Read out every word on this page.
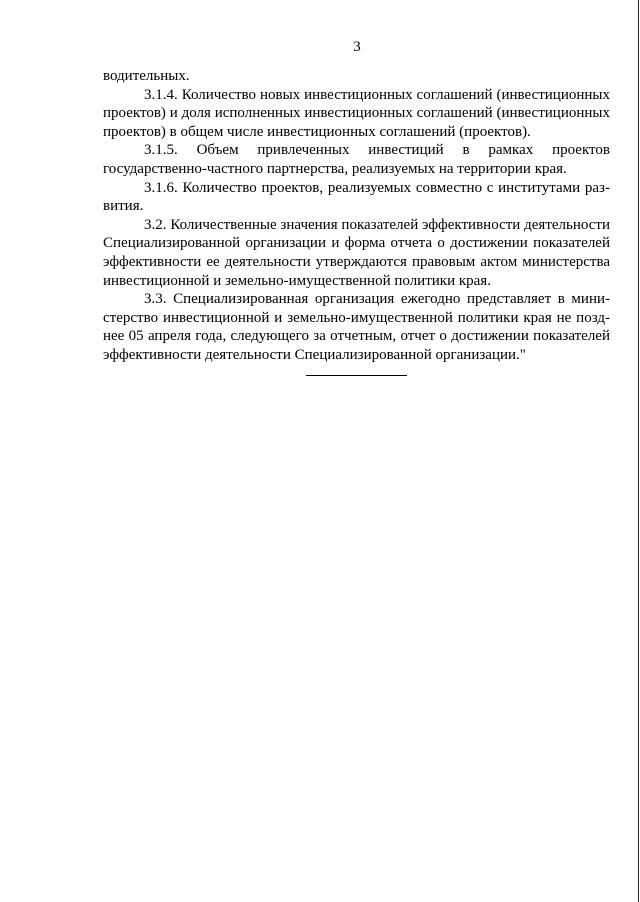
3

водительных.

3.1.4. Количество новых инвестиционных соглашений (инвестиционных проектов) и доля исполненных инвестиционных соглашений (инвестиционных проектов) в общем числе инвестиционных соглашений (проектов).

3.1.5. Объем привлеченных инвестиций в рамках проектов государственно-частного партнерства, реализуемых на территории края.

3.1.6. Количество проектов, реализуемых совместно с институтами развития.

3.2. Количественные значения показателей эффективности деятельности Специализированной организации и форма отчета о достижении показателей эффективности ее деятельности утверждаются правовым актом министерства инвестиционной и земельно-имущественной политики края.

3.3. Специализированная организация ежегодно представляет в министерство инвестиционной и земельно-имущественной политики края не позднее 05 апреля года, следующего за отчетным, отчет о достижении показателей эффективности деятельности Специализированной организации."
